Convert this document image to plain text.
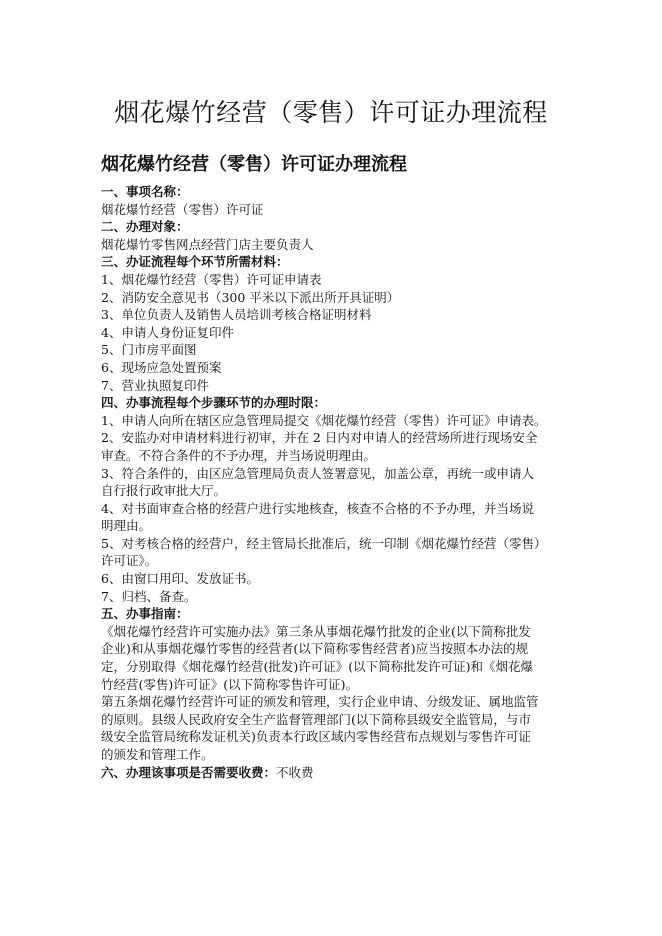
烟花爆竹经营（零售）许可证办理流程
烟花爆竹经营（零售）许可证办理流程
一、事项名称：
烟花爆竹经营（零售）许可证
二、办理对象：
烟花爆竹零售网点经营门店主要负责人
三、办证流程每个环节所需材料：
1、烟花爆竹经营（零售）许可证申请表
2、消防安全意见书（300 平米以下派出所开具证明）
3、单位负责人及销售人员培训考核合格证明材料
4、申请人身份证复印件
5、门市房平面图
6、现场应急处置预案
7、营业执照复印件
四、办事流程每个步骤环节的办理时限：
1、申请人向所在辖区应急管理局提交《烟花爆竹经营（零售）许可证》申请表。
2、安监办对申请材料进行初审，并在 2 日内对申请人的经营场所进行现场安全
审查。不符合条件的不予办理，并当场说明理由。
3、符合条件的，由区应急管理局负责人签署意见，加盖公章，再统一或申请人
自行报行政审批大厅。
4、对书面审查合格的经营户进行实地核查，核查不合格的不予办理，并当场说
明理由。
5、对考核合格的经营户，经主管局长批准后，统一印制《烟花爆竹经营（零售）
许可证》。
6、由窗口用印、发放证书。
7、归档、备查。
五、办事指南：
《烟花爆竹经营许可实施办法》第三条从事烟花爆竹批发的企业(以下简称批发
企业)和从事烟花爆竹零售的经营者(以下简称零售经营者)应当按照本办法的规
定，分别取得《烟花爆竹经营(批发)许可证》(以下简称批发许可证)和《烟花爆
竹经营(零售)许可证》(以下简称零售许可证)。
第五条烟花爆竹经营许可证的颁发和管理，实行企业申请、分级发证、属地监管
的原则。县级人民政府安全生产监督管理部门(以下简称县级安全监管局，与市
级安全监管局统称发证机关)负责本行政区域内零售经营布点规划与零售许可证
的颁发和管理工作。
六、办理该事项是否需要收费：不收费
